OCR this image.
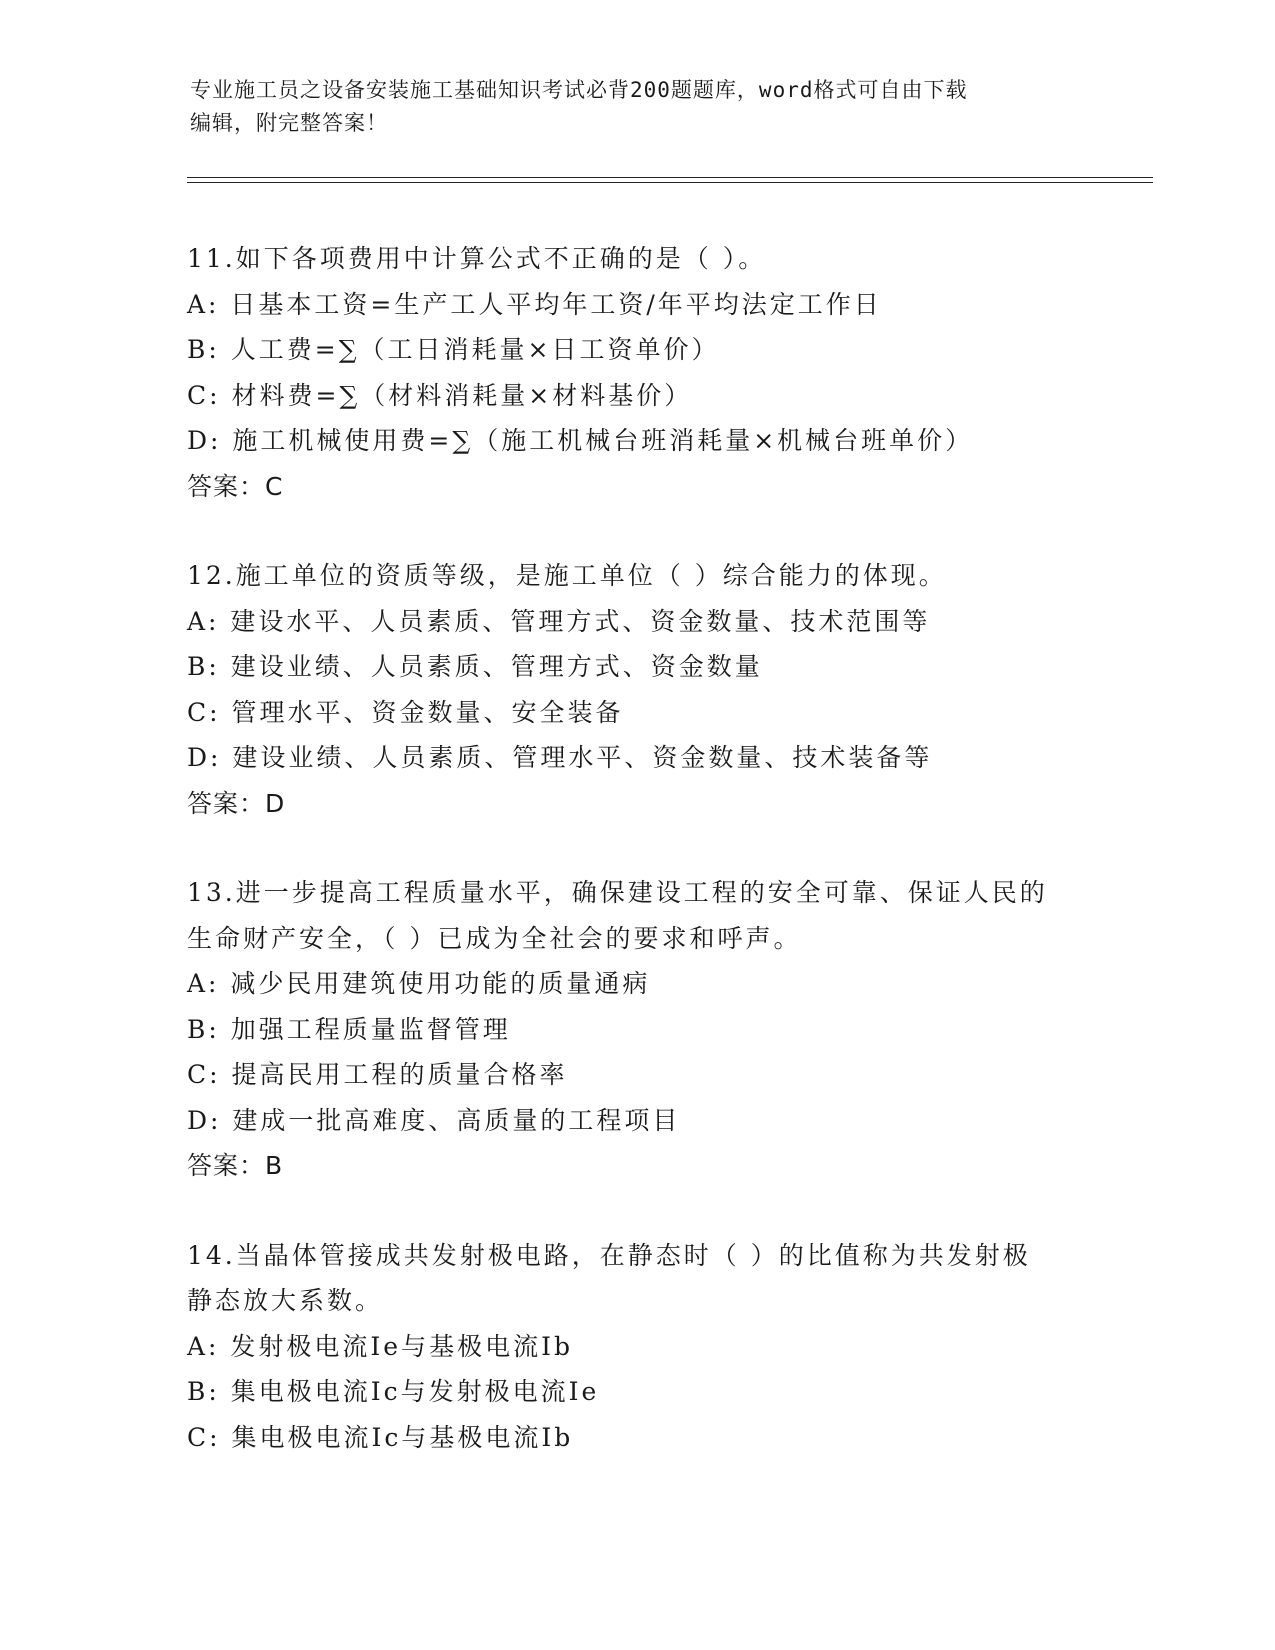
专业施工员之设备安装施工基础知识考试必背200题题库，word格式可自由下载
编辑，附完整答案！
11.如下各项费用中计算公式不正确的是（ ）。
A: 日基本工资=生产工人平均年工资/年平均法定工作日
B: 人工费=∑（工日消耗量×日工资单价）
C: 材料费=∑（材料消耗量×材料基价）
D: 施工机械使用费=∑（施工机械台班消耗量×机械台班单价）
答案：C
12.施工单位的资质等级，是施工单位（ ）综合能力的体现。
A: 建设水平、人员素质、管理方式、资金数量、技术范围等
B: 建设业绩、人员素质、管理方式、资金数量
C: 管理水平、资金数量、安全装备
D: 建设业绩、人员素质、管理水平、资金数量、技术装备等
答案：D
13.进一步提高工程质量水平，确保建设工程的安全可靠、保证人民的
生命财产安全，（ ）已成为全社会的要求和呼声。
A: 减少民用建筑使用功能的质量通病
B: 加强工程质量监督管理
C: 提高民用工程的质量合格率
D: 建成一批高难度、高质量的工程项目
答案：B
14.当晶体管接成共发射极电路，在静态时（ ）的比值称为共发射极
静态放大系数。
A: 发射极电流Ie与基极电流Ib
B: 集电极电流Ic与发射极电流Ie
C: 集电极电流Ic与基极电流Ib
